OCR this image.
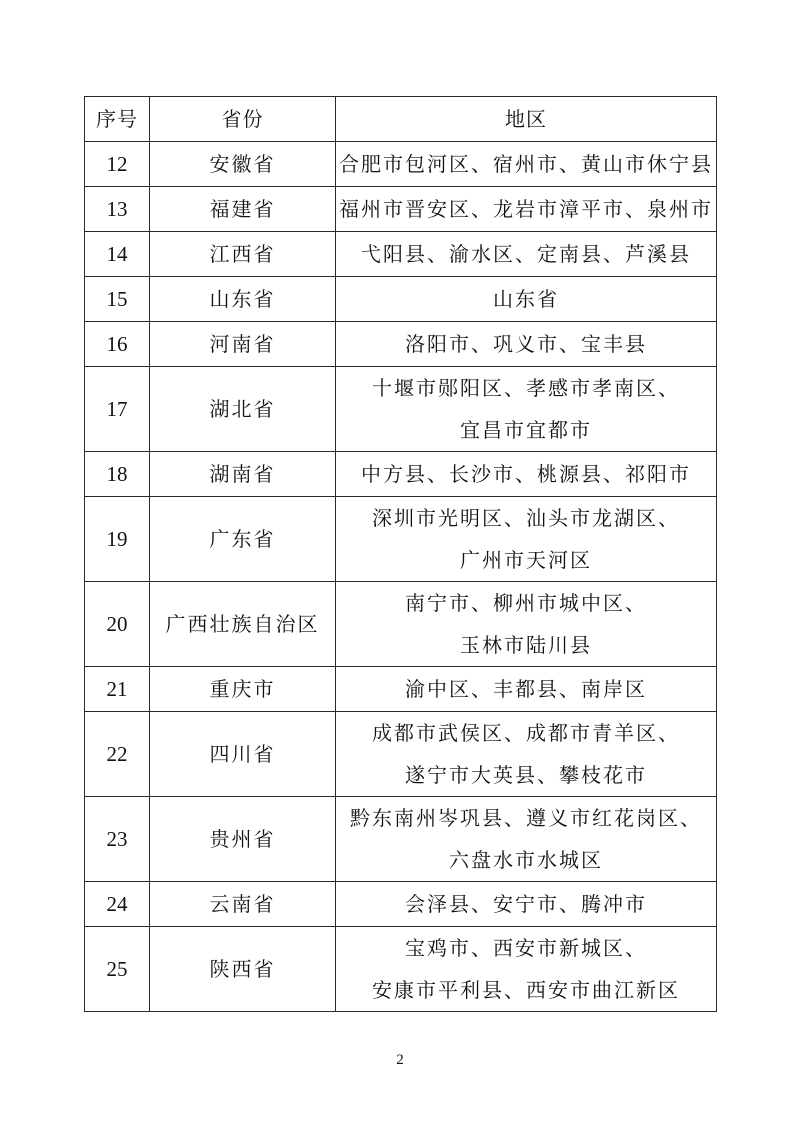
序号	省份	地区
12	安徽省	合肥市包河区、宿州市、黄山市休宁县

13	福建省	福州市晋安区、龙岩市漳平市、泉州市

14	江西省	弋阳县、渝水区、定南县、芦溪县

15	山东省	山东省

16	河南省	洛阳市、巩义市、宝丰县

17	湖北省	十堰市郧阳区、孝感市孝南区、
宜昌市宜都市

18	湖南省	中方县、长沙市、桃源县、祁阳市

19	广东省	深圳市光明区、汕头市龙湖区、
广州市天河区

20	广西壮族自治区	南宁市、柳州市城中区、
玉林市陆川县

21	重庆市	渝中区、丰都县、南岸区

22	四川省	成都市武侯区、成都市青羊区、
遂宁市大英县、攀枝花市

23	贵州省	黔东南州岑巩县、遵义市红花岗区、
六盘水市水城区

24	云南省	会泽县、安宁市、腾冲市

25	陕西省	宝鸡市、西安市新城区、
安康市平利县、西安市曲江新区
2
